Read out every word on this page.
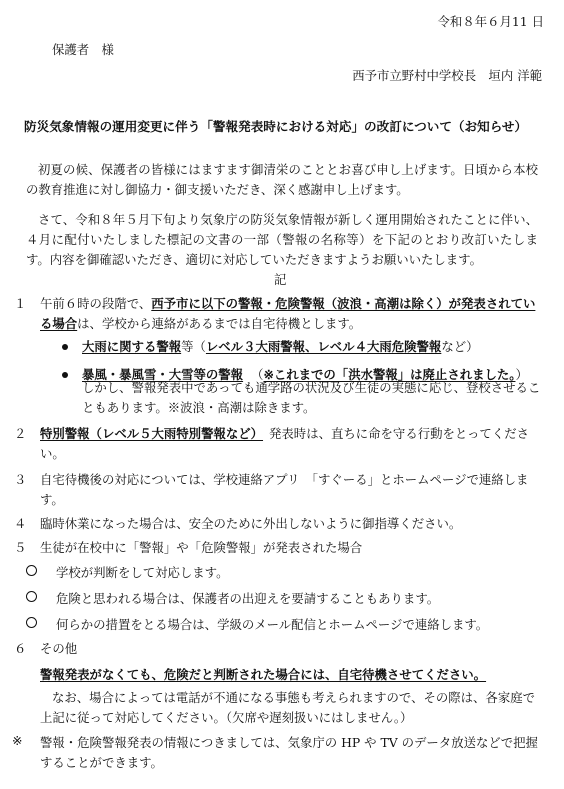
令和８年６月11 日
保護者　様
西予市立野村中学校長　垣内 洋範
防災気象情報の運用変更に伴う「警報発表時における対応」の改訂について（お知らせ）
初夏の候、保護者の皆様にはますます御清栄のこととお喜び申し上げます。日頃から本校の教育推進に対し御協力・御支援いただき、深く感謝申し上げます。
さて、令和８年５月下旬より気象庁の防災気象情報が新しく運用開始されたことに伴い、４月に配付いたしました標記の文書の一部（警報の名称等）を下記のとおり改訂いたします。内容を御確認いただき、適切に対応していただきますようお願いいたします。
記
１ 午前６時の段階で、西予市に以下の警報・危険警報（波浪・高潮は除く）が発表されている場合は、学校から連絡があるまでは自宅待機とします。
大雨に関する警報等（レベル３大雨警報、レベル４大雨危険警報など）
暴風・暴風雪・大雪等の警報 （※これまでの「洪水警報」は廃止されました。）
しかし、警報発表中であっても通学路の状況及び生徒の実態に応じ、登校させることもあります。※波浪・高潮は除きます。
２ 特別警報（レベル５大雨特別警報など） 発表時は、直ちに命を守る行動をとってください。
３ 自宅待機後の対応については、学校連絡アプリ　「すぐーる」とホームページで連絡します。
４ 臨時休業になった場合は、安全のために外出しないように御指導ください。
５ 生徒が在校中に「警報」や「危険警報」が発表された場合
学校が判断をして対応します。
危険と思われる場合は、保護者の出迎えを要請することもあります。
何らかの措置をとる場合は、学級のメール配信とホームページで連絡します。
６ その他
警報発表がなくても、危険だと判断された場合には、自宅待機させてください。
なお、場合によっては電話が不通になる事態も考えられますので、その際は、各家庭で上記に従って対応してください。（欠席や遅刻扱いにはしません。）
※ 警報・危険警報発表の情報につきましては、気象庁の HP や TV のデータ放送などで把握することができます。
